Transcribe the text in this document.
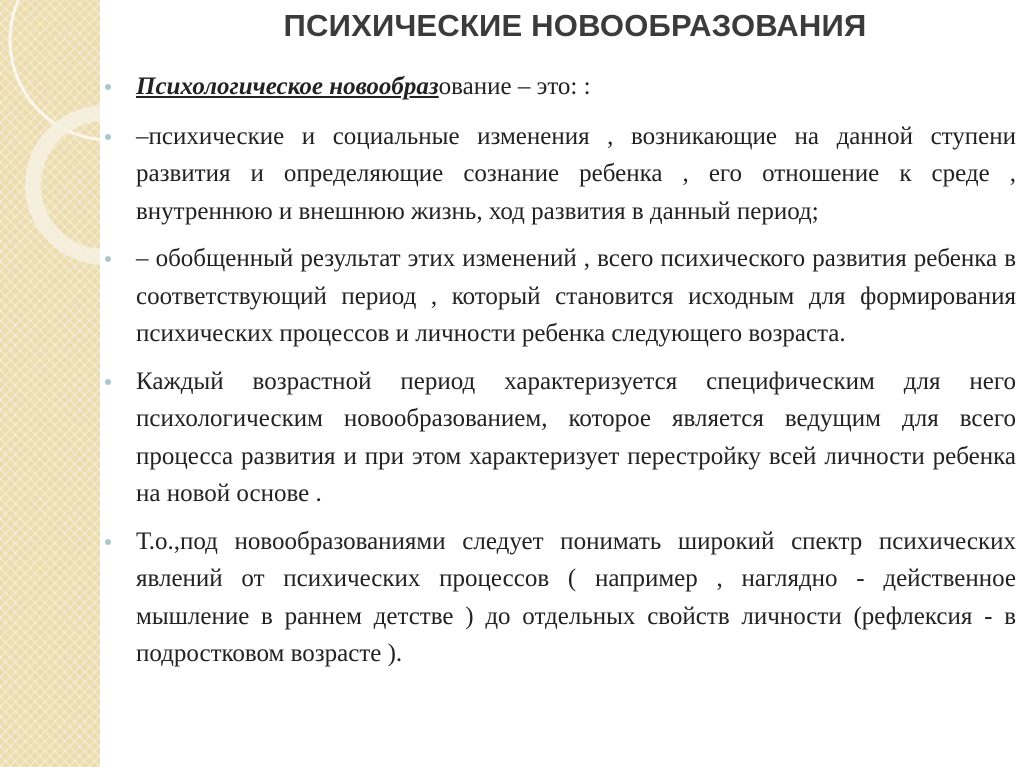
ПСИХИЧЕСКИЕ НОВООБРАЗОВАНИЯ

Психологическое новообразование – это: :

–психические и социальные изменения , возникающие на данной ступени развития и определяющие сознание ребенка , его отношение к среде , внутреннюю и внешнюю жизнь, ход развития в данный период;

– обобщенный результат этих изменений , всего психического развития ребенка в соответствующий период , который становится исходным для формирования психических процессов и личности ребенка следующего возраста.

Каждый возрастной период характеризуется специфическим для него психологическим новообразованием, которое является ведущим для всего процесса развития и при этом характеризует перестройку всей личности ребенка на новой основе .

Т.о.,под новообразованиями следует понимать широкий спектр психических явлений от психических процессов ( например , наглядно - действенное мышление в раннем детстве ) до отдельных свойств личности (рефлексия - в подростковом возрасте ).
